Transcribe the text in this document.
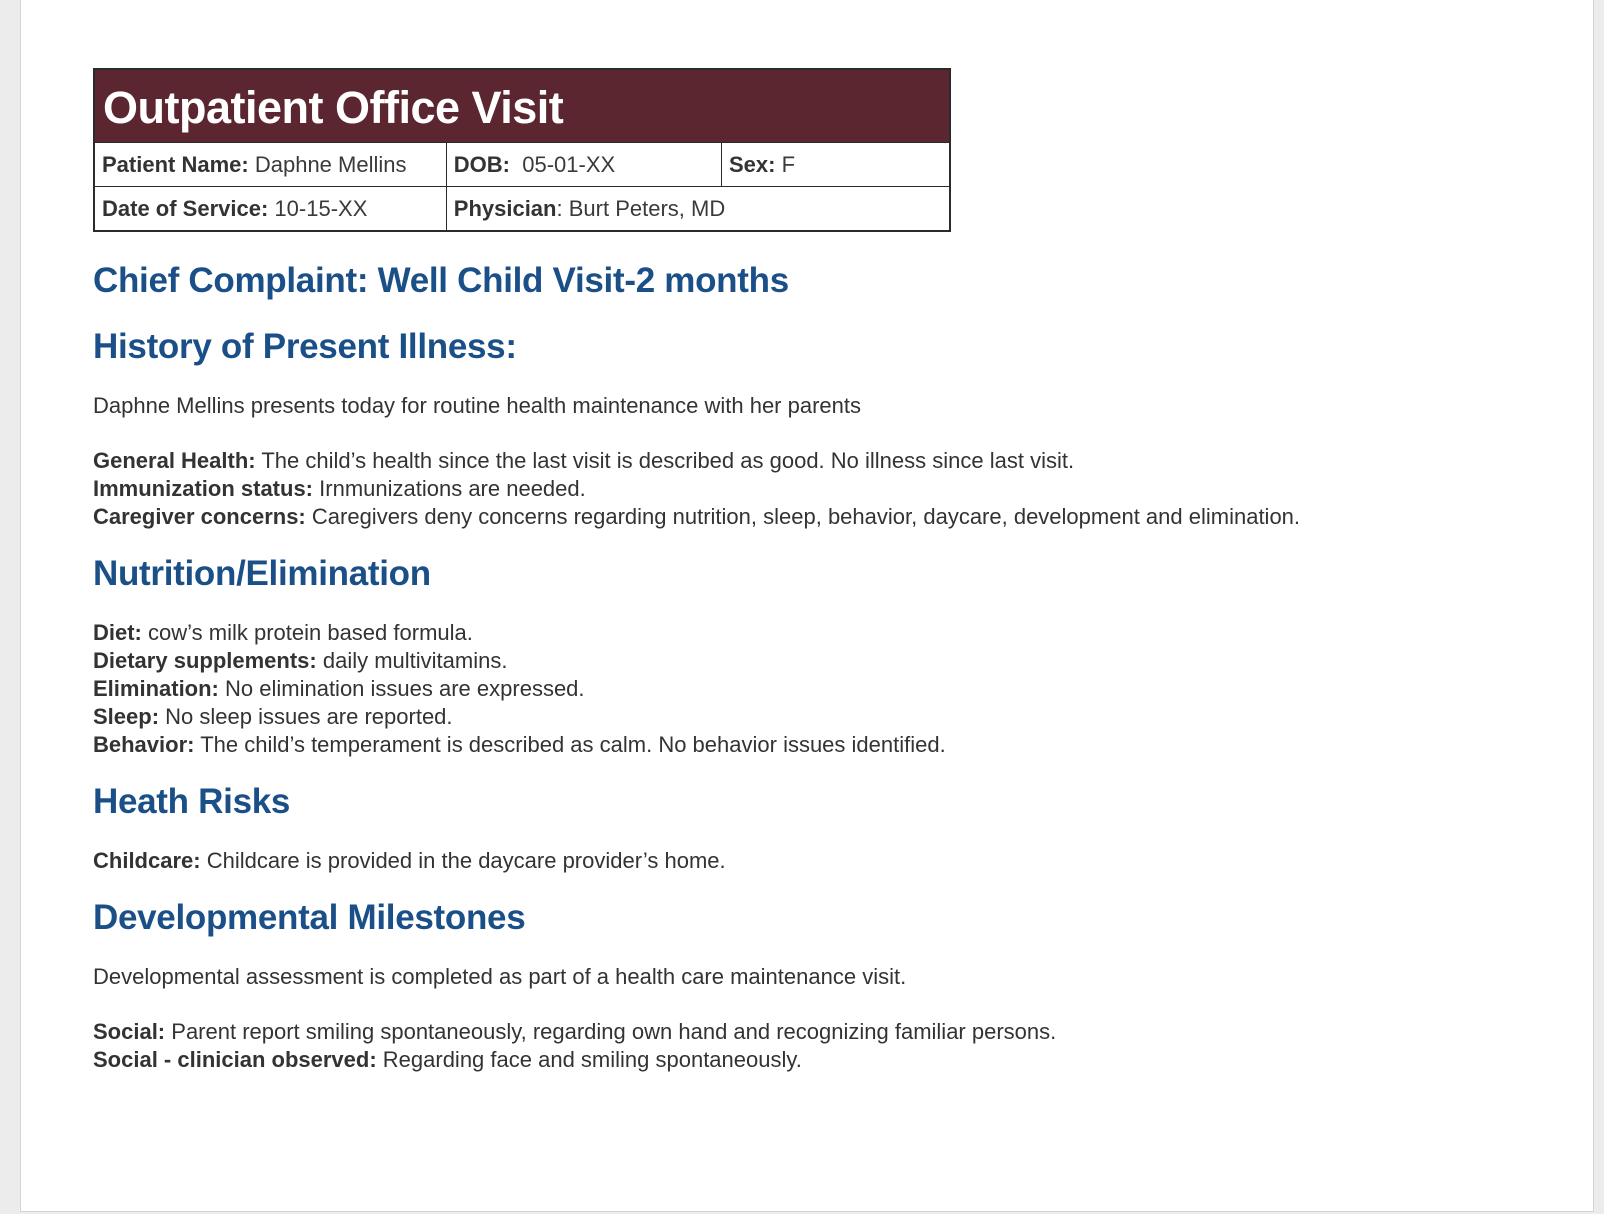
Outpatient Office Visit		
Patient Name: Daphne Mellins	DOB: 05-01-XX	Sex: F
Date of Service: 10-15-XX	Physician: Burt Peters, MD	
Chief Complaint: Well Child Visit-2 months
History of Present Illness:

Daphne Mellins presents today for routine health maintenance with her parents

General Health: The child’s health since the last visit is described as good. No illness since last visit.
Immunization status: Irnmunizations are needed.
Caregiver concerns: Caregivers deny concerns regarding nutrition, sleep, behavior, daycare, development and elimination.
Nutrition/Elimination
Diet: cow’s milk protein based formula.
Dietary supplements: daily multivitamins.
Elimination: No elimination issues are expressed.
Sleep: No sleep issues are reported.
Behavior: The child’s temperament is described as calm. No behavior issues identified.
Heath Risks
Childcare: Childcare is provided in the daycare provider’s home.
Developmental Milestones

Developmental assessment is completed as part of a health care maintenance visit.

Social: Parent report smiling spontaneously, regarding own hand and recognizing familiar persons.
Social - clinician observed: Regarding face and smiling spontaneously.
